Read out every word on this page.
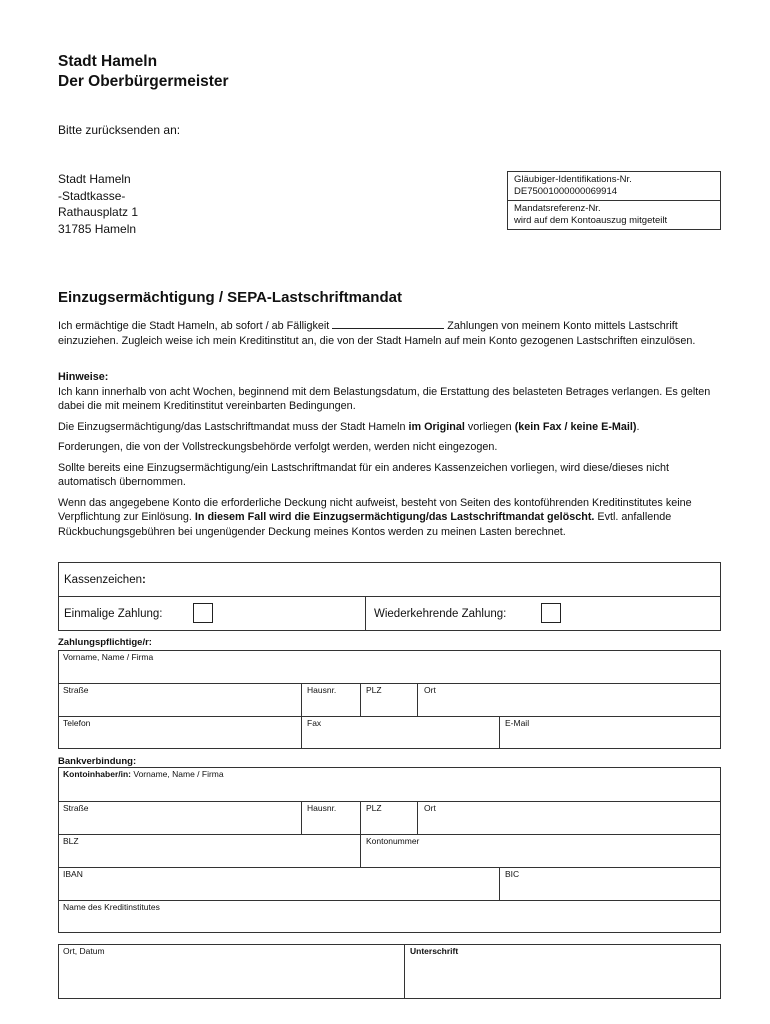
Stadt Hameln
Der Oberbürgermeister
Bitte zurücksenden an:
Stadt Hameln
-Stadtkasse-
Rathausplatz 1
31785 Hameln
Gläubiger-Identifikations-Nr.
DE75001000000069914
Mandatsreferenz-Nr.
wird auf dem Kontoauszug mitgeteilt
Einzugsermächtigung / SEPA-Lastschriftmandat
Ich ermächtige die Stadt Hameln, ab sofort / ab Fälligkeit	Zahlungen von meinem Konto mittels Lastschrift einzuziehen. Zugleich weise ich mein Kreditinstitut an, die von der Stadt Hameln auf mein Konto gezogenen Lastschriften einzulösen.
Hinweise:
Ich kann innerhalb von acht Wochen, beginnend mit dem Belastungsdatum, die Erstattung des belasteten Betrages verlangen. Es gelten dabei die mit meinem Kreditinstitut vereinbarten Bedingungen.
Die Einzugsermächtigung/das Lastschriftmandat muss der Stadt Hameln im Original vorliegen (kein Fax / keine E-Mail).
Forderungen, die von der Vollstreckungsbehörde verfolgt werden, werden nicht eingezogen.
Sollte bereits eine Einzugsermächtigung/ein Lastschriftmandat für ein anderes Kassenzeichen vorliegen, wird diese/dieses nicht automatisch übernommen.
Wenn das angegebene Konto die erforderliche Deckung nicht aufweist, besteht von Seiten des kontoführenden Kreditinstitutes keine Verpflichtung zur Einlösung. In diesem Fall wird die Einzugsermächtigung/das Lastschriftmandat gelöscht. Evtl. anfallende Rückbuchungsgebühren bei ungenügender Deckung meines Kontos werden zu meinen Lasten berechnet.
Kassenzeichen:
Einmalige Zahlung:	Wiederkehrende Zahlung:
Zahlungspflichtige/r:
Vorname, Name / Firma
Straße	Hausnr.	PLZ	Ort
Telefon	Fax	E-Mail
Bankverbindung:
Kontoinhaber/in: Vorname, Name / Firma
Straße	Hausnr.	PLZ	Ort
BLZ	Kontonummer
IBAN	BIC
Name des Kreditinstitutes
Ort, Datum	Unterschrift
